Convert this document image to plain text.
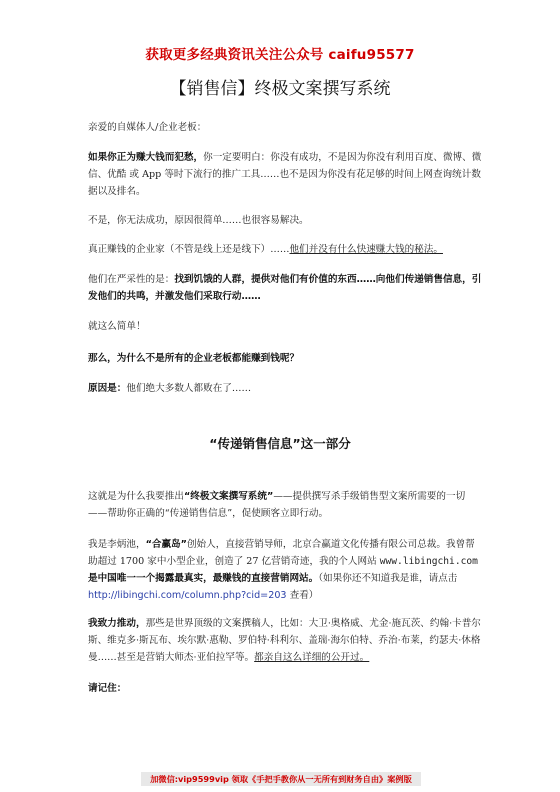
获取更多经典资讯关注公众号 caifu95577
【销售信】终极文案撰写系统

亲爱的自媒体人/企业老板：

如果你正为赚大钱而犯愁，你一定要明白：你没有成功，不是因为你没有利用百度、微博、微信、优酷 或 App 等时下流行的推广工具……也不是因为你没有花足够的时间上网查询统计数据以及排名。

不是，你无法成功，原因很简单……也很容易解决。

真正赚钱的企业家（不管是线上还是线下）……他们并没有什么快速赚大钱的秘法。

他们在严采性的是：找到饥饿的人群，提供对他们有价值的东西……向他们传递销售信息，引发他们的共鸣，并激发他们采取行动……

就这么简单！

那么，为什么不是所有的企业老板都能赚到钱呢？

原因是：他们绝大多数人都败在了……

“传递销售信息”这一部分

这就是为什么我要推出“终极文案撰写系统”——提供撰写杀手级销售型文案所需要的一切——帮助你正确的“传递销售信息”，促使顾客立即行动。

我是李炳池，“合赢岛”创始人，直接营销导师，北京合赢道文化传播有限公司总裁。我曾帮助超过 1700 家中小型企业，创造了 27 亿营销奇迹，我的个人网站 www.libingchi.com 是中国唯一一个揭露最真实，最赚钱的直接营销网站。（如果你还不知道我是谁，请点击 http://libingchi.com/column.php?cid=203 查看）

我致力推动，那些是世界顶级的文案撰稿人，比如：大卫·奥格威、尤金·施瓦茨、约翰·卡普尔斯、维克多·斯瓦布、埃尔默·惠勒、罗伯特·科利尔、盖瑞·海尔伯特、乔治·布莱，约瑟夫·休格曼……甚至是营销大师杰·亚伯拉罕等。都亲自这么详细的公开过。

请记住：

加微信:vip9599vip 领取《手把手教你从一无所有到财务自由》案例版
